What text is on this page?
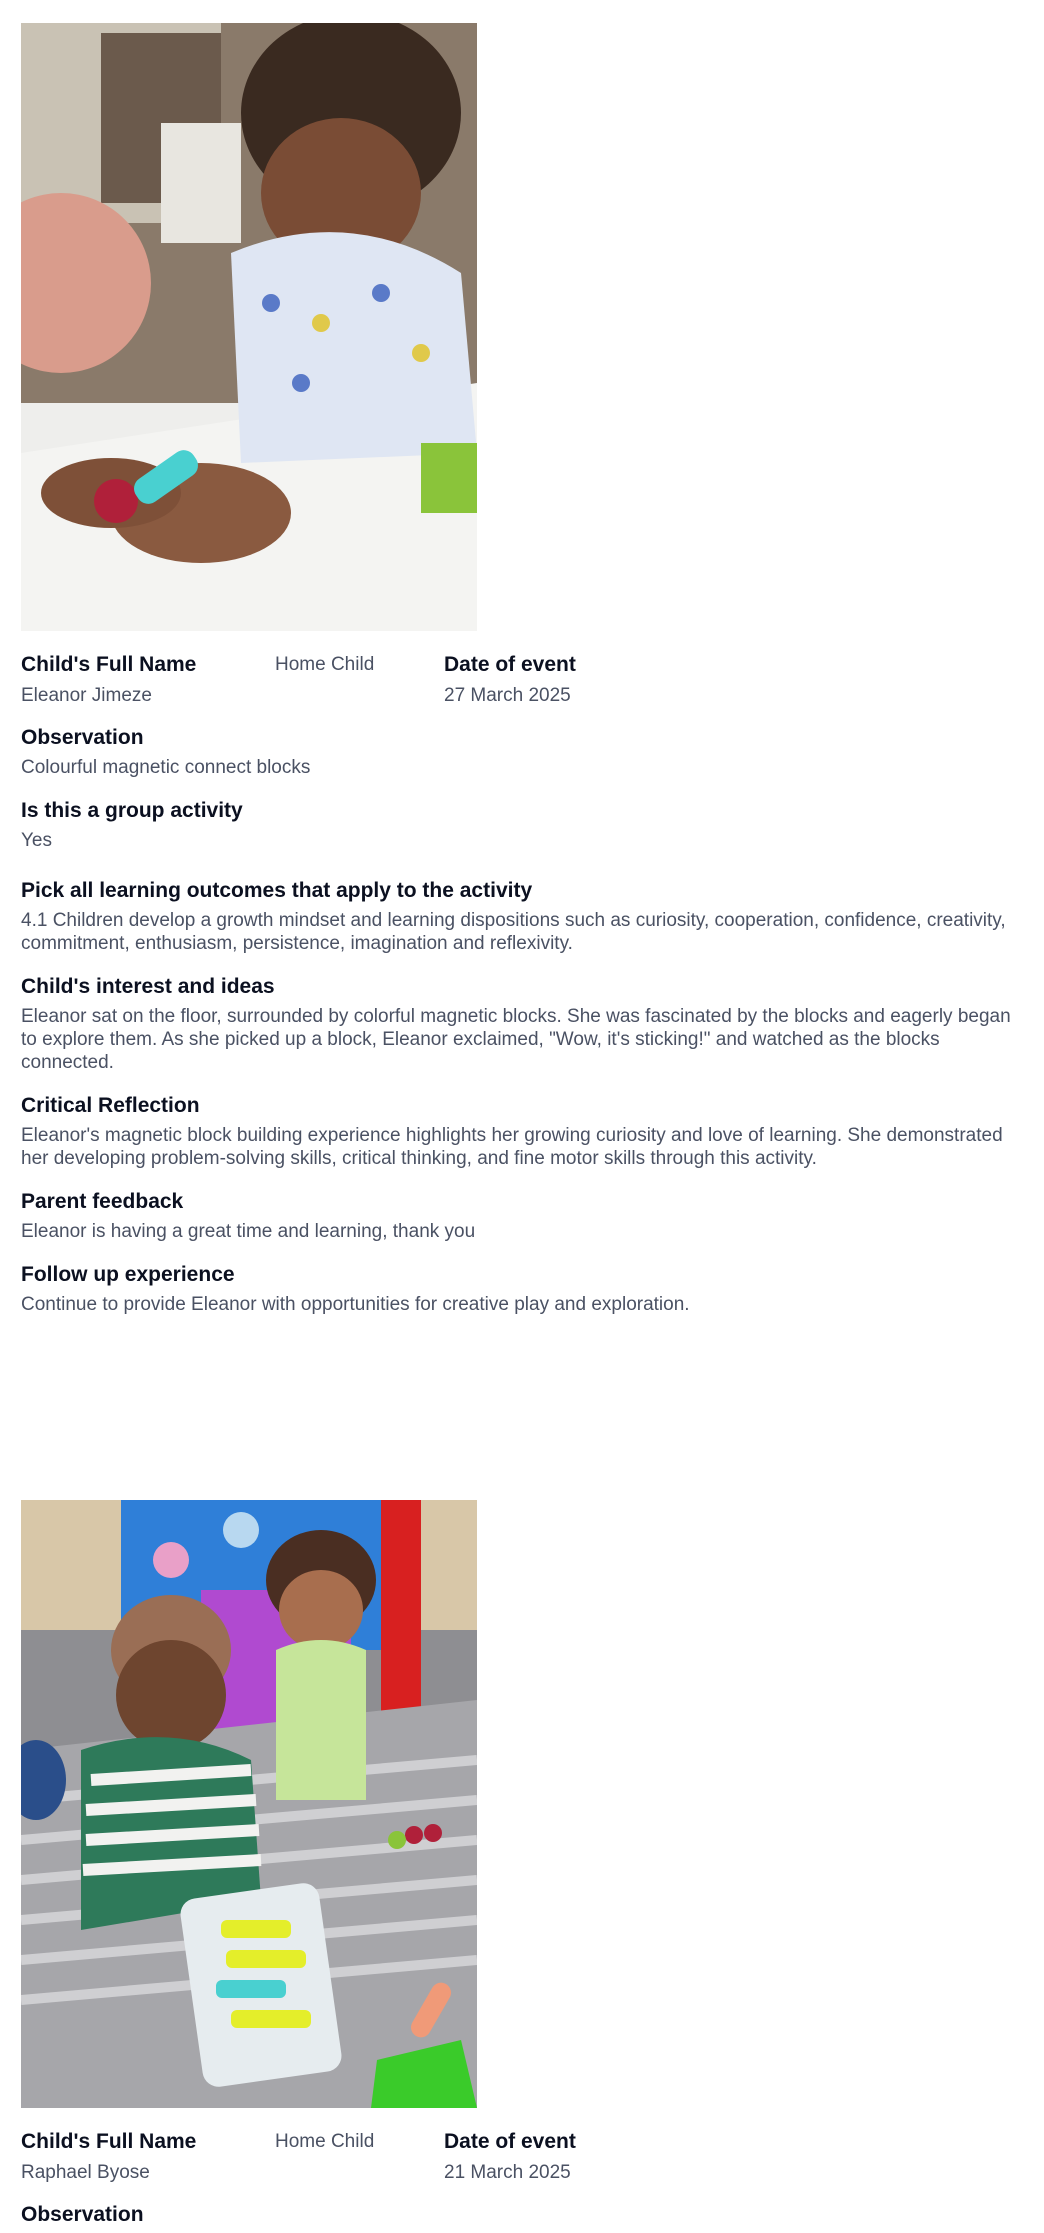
Child's Full Name
Eleanor Jimeze
Home Child	Date of event
27 March 2025
Observation
Colourful magnetic connect blocks
Is this a group activity
Yes
Pick all learning outcomes that apply to the activity
4.1 Children develop a growth mindset and learning dispositions such as curiosity, cooperation, confidence, creativity, commitment, enthusiasm, persistence, imagination and reflexivity.
Child's interest and ideas
Eleanor sat on the floor, surrounded by colorful magnetic blocks. She was fascinated by the blocks and eagerly began to explore them. As she picked up a block, Eleanor exclaimed, "Wow, it's sticking!" and watched as the blocks connected.
Critical Reflection
Eleanor's magnetic block building experience highlights her growing curiosity and love of learning. She demonstrated her developing problem-solving skills, critical thinking, and fine motor skills through this activity.
Parent feedback
Eleanor is having a great time and learning, thank you
Follow up experience
Continue to provide Eleanor with opportunities for creative play and exploration.
Child's Full Name
Raphael Byose
Home Child	Date of event
21 March 2025
Observation
